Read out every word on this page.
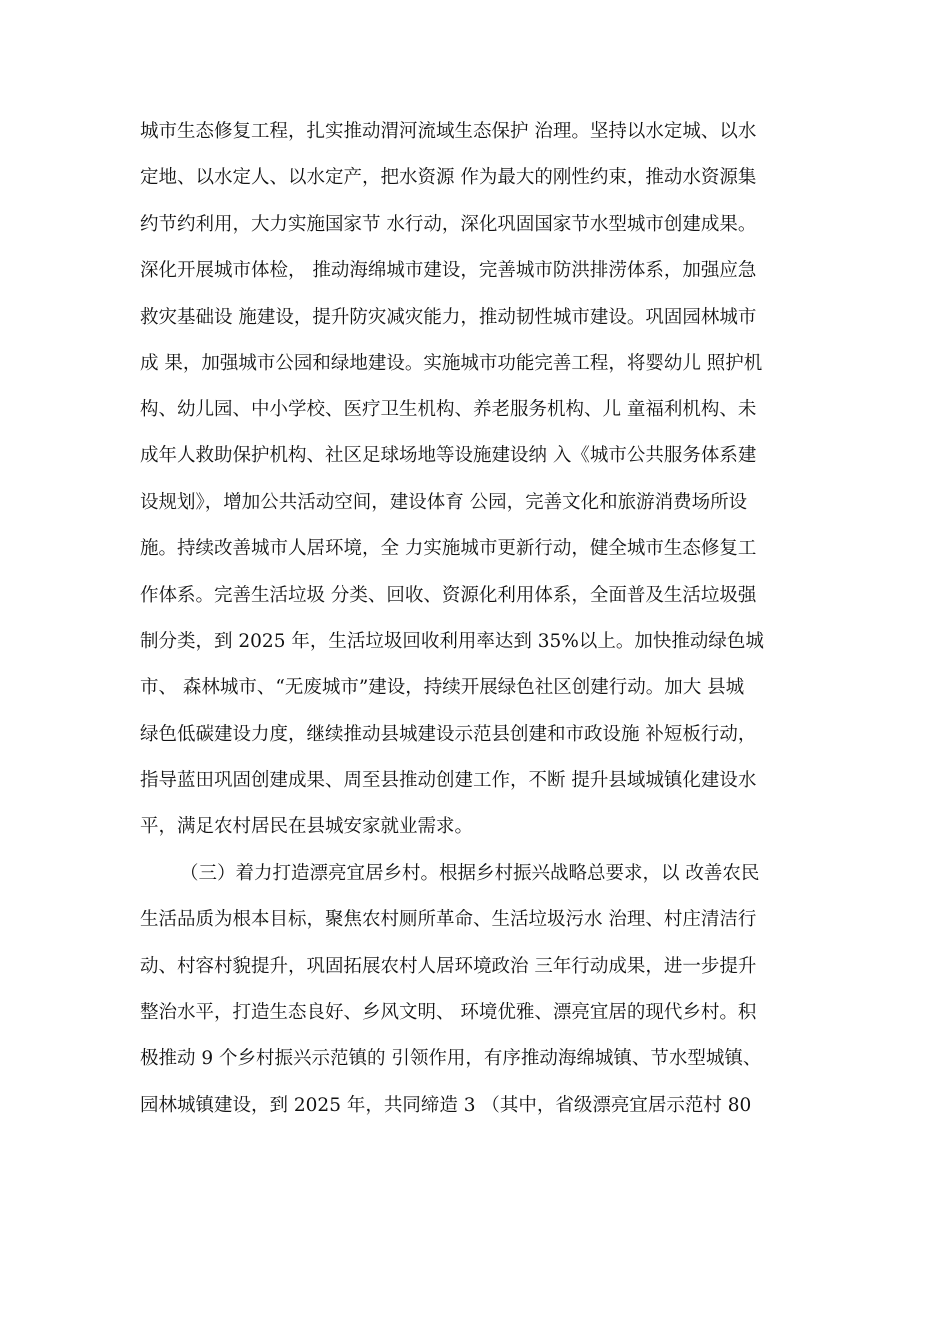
城市生态修复工程，扎实推动渭河流域生态保护 治理。坚持以水定城、以水
定地、以水定人、以水定产，把水资源 作为最大的刚性约束，推动水资源集
约节约利用，大力实施国家节 水行动，深化巩固国家节水型城市创建成果。
深化开展城市体检， 推动海绵城市建设，完善城市防洪排涝体系，加强应急
救灾基础设 施建设，提升防灾减灾能力，推动韧性城市建设。巩固园林城市
成 果，加强城市公园和绿地建设。实施城市功能完善工程，将婴幼儿 照护机
构、幼儿园、中小学校、医疗卫生机构、养老服务机构、儿 童福利机构、未
成年人救助保护机构、社区足球场地等设施建设纳 入《城市公共服务体系建
设规划》，增加公共活动空间，建设体育 公园，完善文化和旅游消费场所设
施。持续改善城市人居环境，全 力实施城市更新行动，健全城市生态修复工
作体系。完善生活垃圾 分类、回收、资源化利用体系，全面普及生活垃圾强
制分类，到 2025 年，生活垃圾回收利用率达到 35%以上。加快推动绿色城
市、 森林城市、“无废城市”建设，持续开展绿色社区创建行动。加大 县城
绿色低碳建设力度，继续推动县城建设示范县创建和市政设施 补短板行动，
指导蓝田巩固创建成果、周至县推动创建工作，不断 提升县域城镇化建设水
平，满足农村居民在县城安家就业需求。
（三）着力打造漂亮宜居乡村。根据乡村振兴战略总要求，以 改善农民
生活品质为根本目标，聚焦农村厕所革命、生活垃圾污水 治理、村庄清洁行
动、村容村貌提升，巩固拓展农村人居环境政治 三年行动成果，进一步提升
整治水平，打造生态良好、乡风文明、 环境优雅、漂亮宜居的现代乡村。积
极推动 9 个乡村振兴示范镇的 引领作用，有序推动海绵城镇、节水型城镇、
园林城镇建设，到 2025 年，共同缔造 3 （其中，省级漂亮宜居示范村 80
